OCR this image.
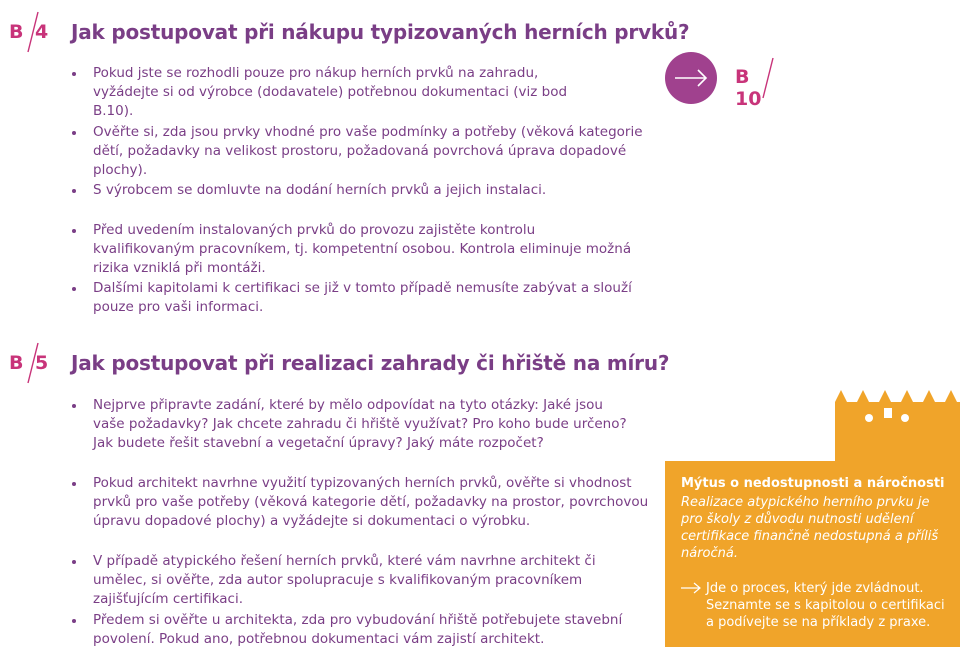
B 4 Jak postupovat při nákupu typizovaných herních prvků?
Pokud jste se rozhodli pouze pro nákup herních prvků na zahradu, vyžádejte si od výrobce (dodavatele) potřebnou dokumentaci (viz bod B.10).
Ověřte si, zda jsou prvky vhodné pro vaše podmínky a potřeby (věková kategorie dětí, požadavky na velikost prostoru, požadovaná povrchová úprava dopadové plochy).
S výrobcem se domluvte na dodání herních prvků a jejich instalaci.
Před uvedením instalovaných prvků do provozu zajistěte kontrolu kvalifikovaným pracovníkem, tj. kompetentní osobou. Kontrola eliminuje možná rizika vzniklá při montáži.
Dalšími kapitolami k certifikaci se již v tomto případě nemusíte zabývat a slouží pouze pro vaši informaci.
B 10
B 5 Jak postupovat při realizaci zahrady či hřiště na míru?
Nejprve připravte zadání, které by mělo odpovídat na tyto otázky: Jaké jsou vaše požadavky? Jak chcete zahradu či hřiště využívat? Pro koho bude určeno? Jak budete řešit stavební a vegetační úpravy? Jaký máte rozpočet?
Pokud architekt navrhne využití typizovaných herních prvků, ověřte si vhodnost prvků pro vaše potřeby (věková kategorie dětí, požadavky na prostor, povrchovou úpravu dopadové plochy) a vyžádejte si dokumentaci o výrobku.
V případě atypického řešení herních prvků, které vám navrhne architekt či umělec, si ověřte, zda autor spolupracuje s kvalifikovaným pracovníkem zajišťujícím certifikaci.
Předem si ověřte u architekta, zda pro vybudování hřiště potřebujete stavební povolení. Pokud ano, potřebnou dokumentaci vám zajistí architekt.
Mýtus o nedostupnosti a náročnosti
Realizace atypického herního prvku je pro školy z důvodu nutnosti udělení certifikace finančně nedostupná a příliš náročná.
Jde o proces, který jde zvládnout. Seznamte se s kapitolou o certifikaci a podívejte se na příklady z praxe.
